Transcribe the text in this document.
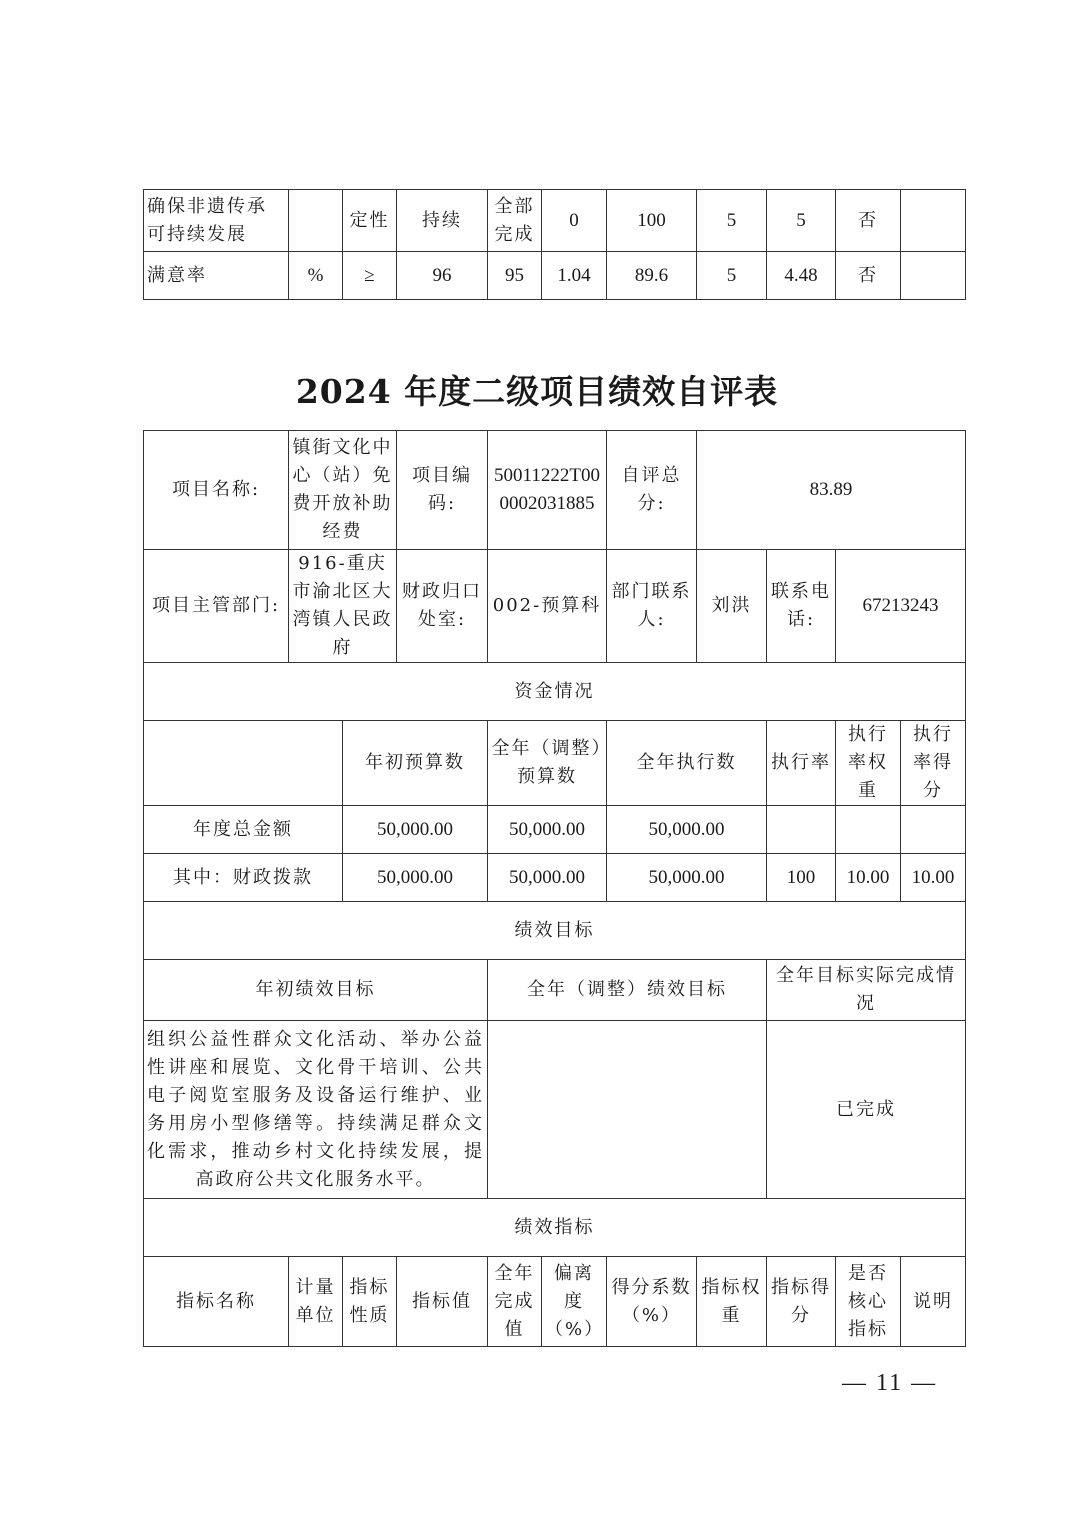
确保非遗传承可持续发展		定性	持续	全部完成	0	100	5	5	否	
满意率	%	≥	96	95	1.04	89.6	5	4.48	否	
2024 年度二级项目绩效自评表
项目名称:	镇街文化中心（站）免费开放补助经费		项目编码:	50011222T000002031885		自评总分:	83.89			
项目主管部门:	916-重庆市渝北区大湾镇人民政府		财政归口处室:	002-预算科		部门联系人:	刘洪	联系电话:	67213243	
资金情况										
		年初预算数		全年（调整）预算数		全年执行数		执行率	执行率权重	执行率得分
年度总金额		50,000.00		50,000.00		50,000.00				
其中：财政拨款		50,000.00		50,000.00		50,000.00		100	10.00	10.00
绩效目标										
年初绩效目标				全年（调整）绩效目标				全年目标实际完成情况		
组织公益性群众文化活动、举办公益性讲座和展览、文化骨干培训、公共电子阅览室服务及设备运行维护、业务用房小型修缮等。持续满足群众文化需求，推动乡村文化持续发展，提高政府公共文化服务水平。								已完成		
绩效指标										
指标名称	计量单位	指标性质	指标值	全年完成值	偏离度（%）	得分系数（%）	指标权重	指标得分	是否核心指标	说明
— 11 —
